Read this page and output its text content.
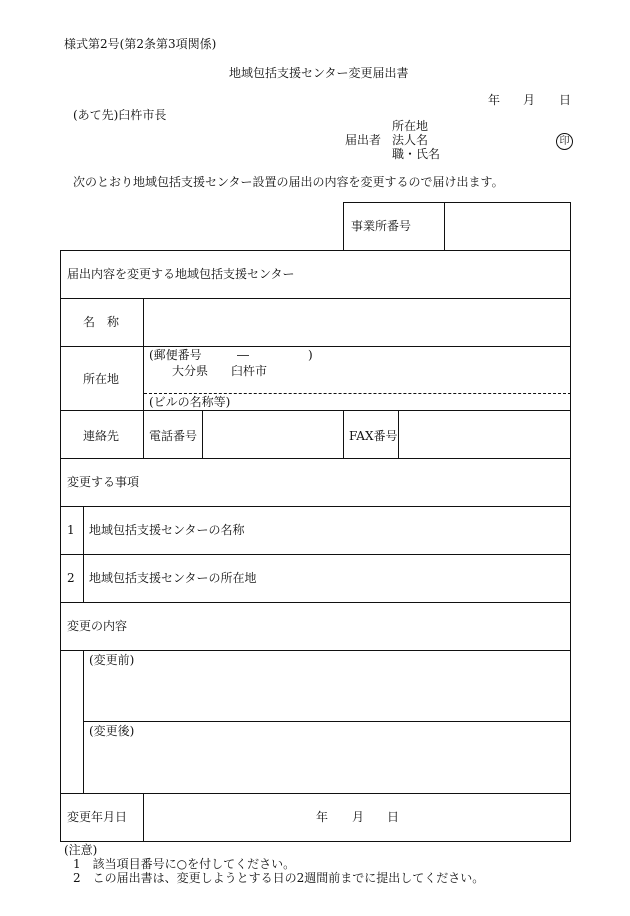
様式第2号(第2条第3項関係)
地域包括支援センター変更届出書
年 月 日
(あて先)臼杵市長
届出者
所在地
法人名
職・氏名
印
次のとおり地域包括支援センター設置の届出の内容を変更するので届け出ます。
事業所番号
届出内容を変更する地域包括支援センター
名　称
所在地
(郵便番号	―	)
大分県 臼杵市
(ビルの名称等)
連絡先 電話番号	FAX番号
変更する事項
1 地域包括支援センターの名称
2 地域包括支援センターの所在地
変更の内容
(変更前)
(変更後)
変更年月日	年 月 日
(注意)
1　該当項目番号に○を付してください。
2　この届出書は、変更しようとする日の2週間前までに提出してください。
